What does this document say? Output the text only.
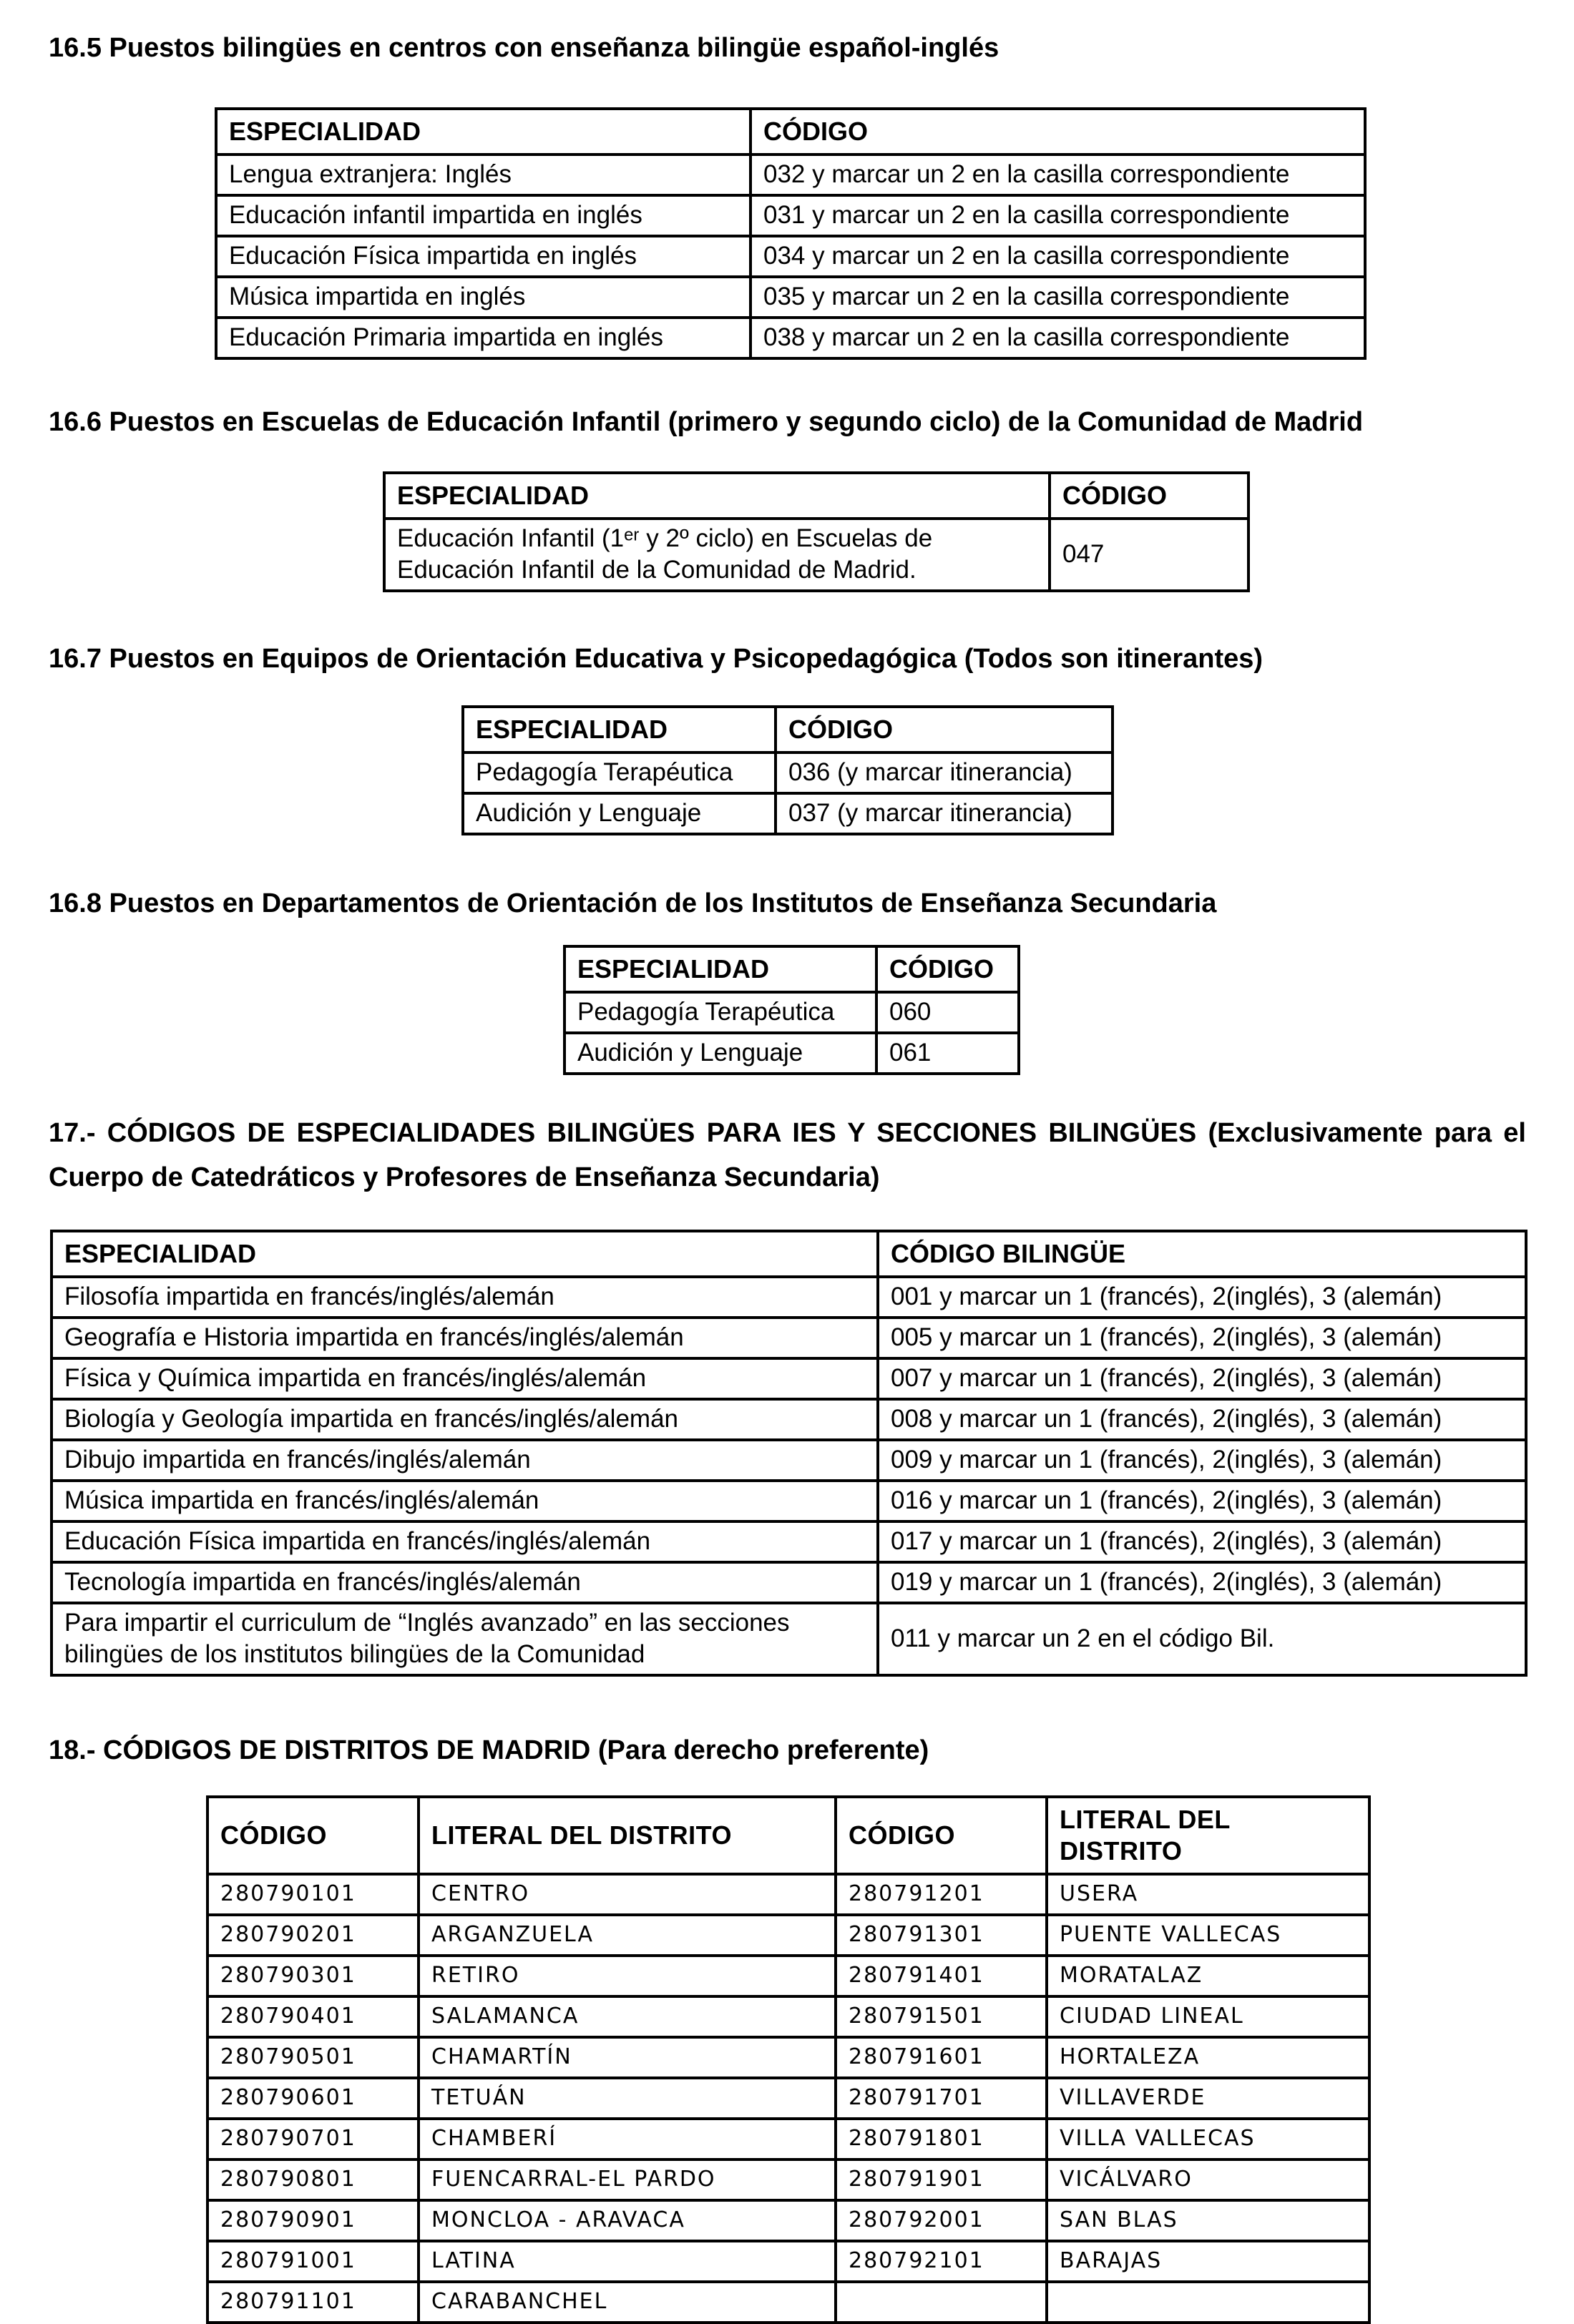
16.5 Puestos bilingües en centros con enseñanza bilingüe español-inglés
ESPECIALIDAD	CÓDIGO
Lengua extranjera: Inglés	032 y marcar un 2 en la casilla correspondiente
Educación infantil impartida en inglés	031 y marcar un 2 en la casilla correspondiente
Educación Física impartida en inglés	034 y marcar un 2 en la casilla correspondiente
Música impartida en inglés	035 y marcar un 2 en la casilla correspondiente
Educación Primaria impartida en inglés	038 y marcar un 2 en la casilla correspondiente
16.6 Puestos en Escuelas de Educación Infantil (primero y segundo ciclo) de la Comunidad de Madrid
ESPECIALIDAD	CÓDIGO
Educación Infantil (1ᵉʳ y 2º ciclo) en Escuelas de Educación Infantil de la Comunidad de Madrid.	047
16.7 Puestos en Equipos de Orientación Educativa y Psicopedagógica (Todos son itinerantes)
ESPECIALIDAD	CÓDIGO
Pedagogía Terapéutica	036 (y marcar itinerancia)
Audición y Lenguaje	037 (y marcar itinerancia)
16.8 Puestos en Departamentos de Orientación de los Institutos de Enseñanza Secundaria
ESPECIALIDAD	CÓDIGO
Pedagogía Terapéutica	060
Audición y Lenguaje	061
17.- CÓDIGOS DE ESPECIALIDADES BILINGÜES PARA IES Y SECCIONES BILINGÜES (Exclusivamente para el Cuerpo de Catedráticos y Profesores de Enseñanza Secundaria)
ESPECIALIDAD	CÓDIGO BILINGÜE
Filosofía impartida en francés/inglés/alemán	001 y marcar un 1 (francés), 2(inglés), 3 (alemán)
Geografía e Historia impartida en francés/inglés/alemán	005 y marcar un 1 (francés), 2(inglés), 3 (alemán)
Física y Química impartida en francés/inglés/alemán	007 y marcar un 1 (francés), 2(inglés), 3 (alemán)
Biología y Geología impartida en francés/inglés/alemán	008 y marcar un 1 (francés), 2(inglés), 3 (alemán)
Dibujo impartida en francés/inglés/alemán	009 y marcar un 1 (francés), 2(inglés), 3 (alemán)
Música impartida en francés/inglés/alemán	016 y marcar un 1 (francés), 2(inglés), 3 (alemán)
Educación Física impartida en francés/inglés/alemán	017 y marcar un 1 (francés), 2(inglés), 3 (alemán)
Tecnología impartida en francés/inglés/alemán	019 y marcar un 1 (francés), 2(inglés), 3 (alemán)
Para impartir el curriculum de “Inglés avanzado” en las secciones bilingües de los institutos bilingües de la Comunidad	011 y marcar un 2 en el código Bil.
18.- CÓDIGOS DE DISTRITOS DE MADRID (Para derecho preferente)
CÓDIGO	LITERAL DEL DISTRITO	CÓDIGO	LITERAL DEL DISTRITO
280790101	CENTRO	280791201	USERA
280790201	ARGANZUELA	280791301	PUENTE VALLECAS
280790301	RETIRO	280791401	MORATALAZ
280790401	SALAMANCA	280791501	CIUDAD LINEAL
280790501	CHAMARTÍN	280791601	HORTALEZA
280790601	TETUÁN	280791701	VILLAVERDE
280790701	CHAMBERÍ	280791801	VILLA VALLECAS
280790801	FUENCARRAL-EL PARDO	280791901	VICÁLVARO
280790901	MONCLOA - ARAVACA	280792001	SAN BLAS
280791001	LATINA	280792101	BARAJAS
280791101	CARABANCHEL		
